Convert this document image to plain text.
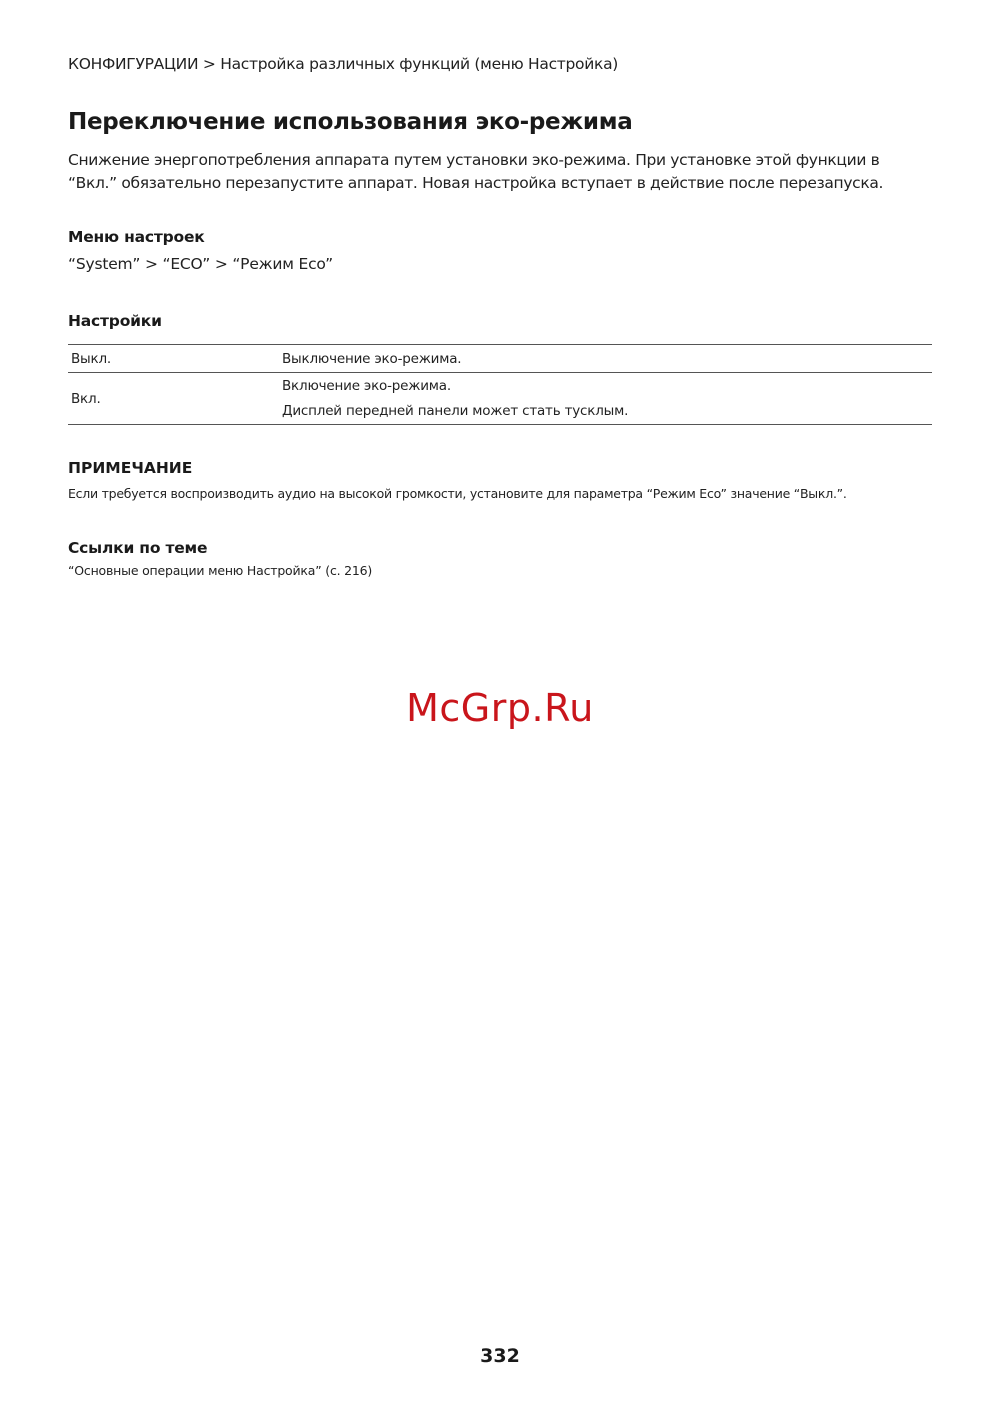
КОНФИГУРАЦИИ > Настройка различных функций (меню Настройка)
Переключение использования эко-режима

Снижение энергопотребления аппарата путем установки эко-режима. При установке этой функции в

“Вкл.” обязательно перезапустите аппарат. Новая настройка вступает в действие после перезапуска.

Меню настроек
“System” > “ECO” > “Режим Eco”
Настройки
Выкл.	Выключение эко-режима.
Вкл.	Включение эко-режима.
Дисплей передней панели может стать тусклым.
ПРИМЕЧАНИЕ
Если требуется воспроизводить аудио на высокой громкости, установите для параметра “Режим Eco” значение “Выкл.”.
Ссылки по теме
“Основные операции меню Настройка” (с. 216)
McGrp.Ru
332
